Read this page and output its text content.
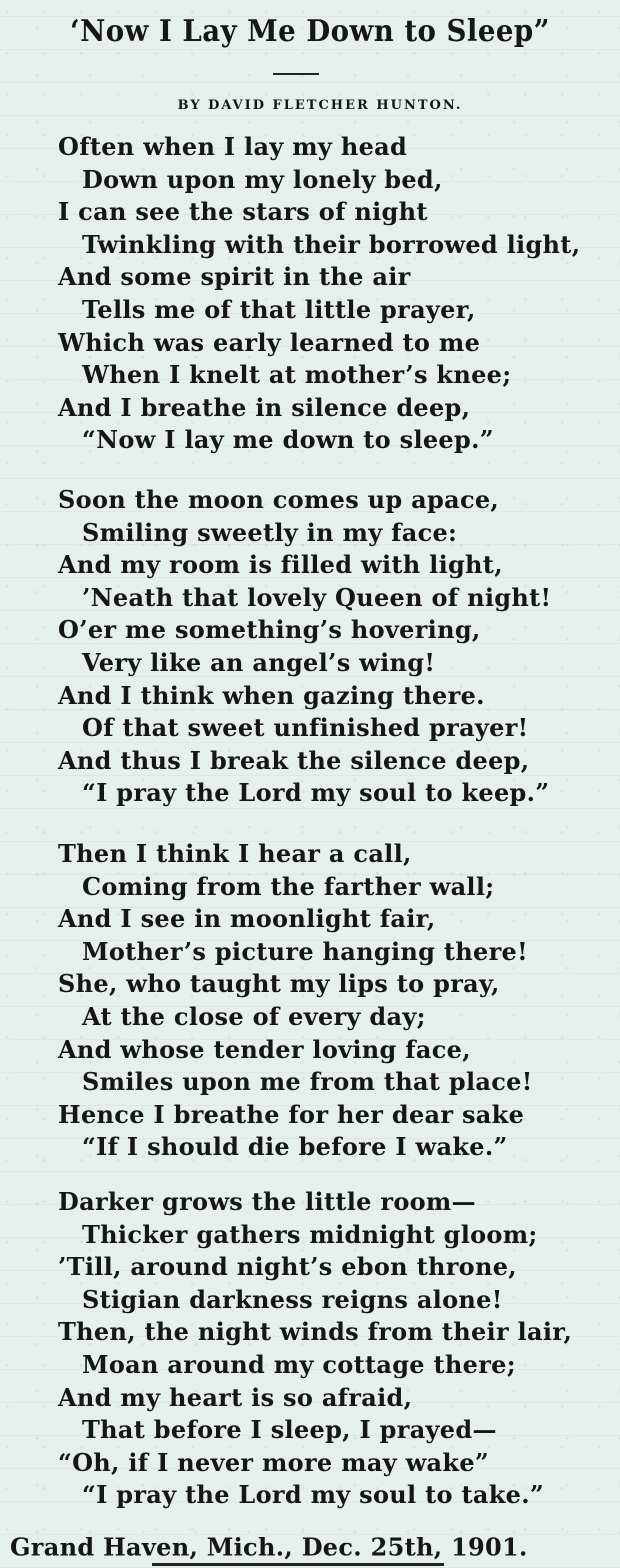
‘Now I Lay Me Down to Sleep”
BY DAVID FLETCHER HUNTON.
Often when I lay my head
Down upon my lonely bed,
I can see the stars of night
Twinkling with their borrowed light,
And some spirit in the air
Tells me of that little prayer,
Which was early learned to me
When I knelt at mother’s knee;
And I breathe in silence deep,
“Now I lay me down to sleep.”
Soon the moon comes up apace,
Smiling sweetly in my face:
And my room is filled with light,
’Neath that lovely Queen of night!
O’er me something’s hovering,
Very like an angel’s wing!
And I think when gazing there.
Of that sweet unfinished prayer!
And thus I break the silence deep,
“I pray the Lord my soul to keep.”
Then I think I hear a call,
Coming from the farther wall;
And I see in moonlight fair,
Mother’s picture hanging there!
She, who taught my lips to pray,
At the close of every day;
And whose tender loving face,
Smiles upon me from that place!
Hence I breathe for her dear sake
“If I should die before I wake.”
Darker grows the little room—
Thicker gathers midnight gloom;
’Till, around night’s ebon throne,
Stigian darkness reigns alone!
Then, the night winds from their lair,
Moan around my cottage there;
And my heart is so afraid,
That before I sleep, I prayed—
“Oh, if I never more may wake”
“I pray the Lord my soul to take.”
Grand Haven, Mich., Dec. 25th, 1901.
